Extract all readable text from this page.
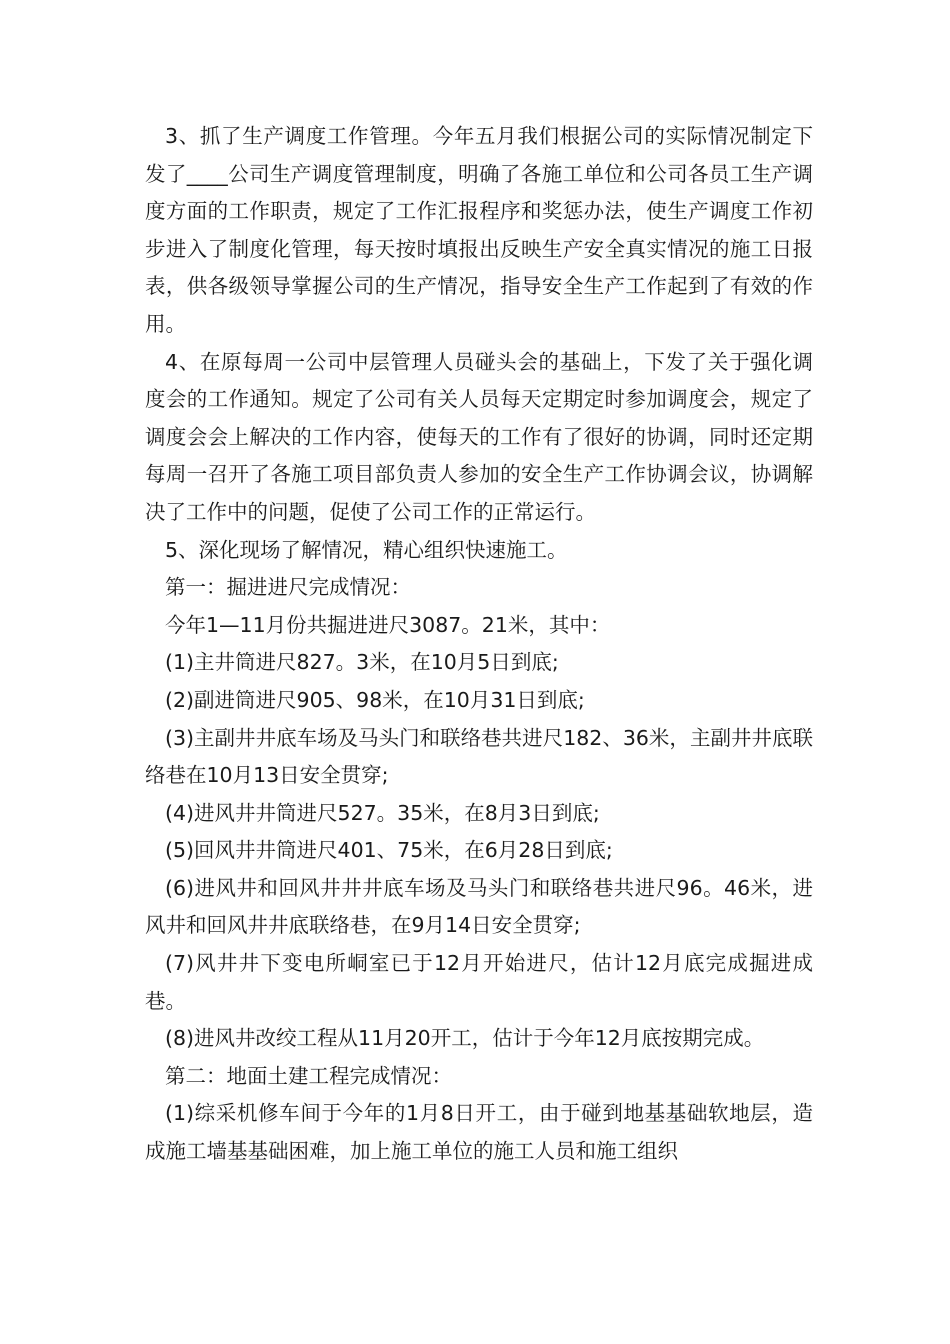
3、抓了生产调度工作管理。今年五月我们根据公司的实际情况制定下发了____公司生产调度管理制度，明确了各施工单位和公司各员工生产调度方面的工作职责，规定了工作汇报程序和奖惩办法，使生产调度工作初步进入了制度化管理，每天按时填报出反映生产安全真实情况的施工日报表，供各级领导掌握公司的生产情况，指导安全生产工作起到了有效的作用。

4、在原每周一公司中层管理人员碰头会的基础上，下发了关于强化调度会的工作通知。规定了公司有关人员每天定期定时参加调度会，规定了调度会会上解决的工作内容，使每天的工作有了很好的协调，同时还定期每周一召开了各施工项目部负责人参加的安全生产工作协调会议，协调解决了工作中的问题，促使了公司工作的正常运行。

5、深化现场了解情况，精心组织快速施工。

第一：掘进进尺完成情况：

今年1—11月份共掘进进尺3087。21米，其中：

(1)主井筒进尺827。3米，在10月5日到底;

(2)副进筒进尺905、98米，在10月31日到底;

(3)主副井井底车场及马头门和联络巷共进尺182、36米，主副井井底联络巷在10月13日安全贯穿;

(4)进风井井筒进尺527。35米，在8月3日到底;

(5)回风井井筒进尺401、75米，在6月28日到底;

(6)进风井和回风井井井底车场及马头门和联络巷共进尺96。46米，进风井和回风井井底联络巷，在9月14日安全贯穿;

(7)风井井下变电所峒室已于12月开始进尺，估计12月底完成掘进成巷。

(8)进风井改绞工程从11月20开工，估计于今年12月底按期完成。

第二：地面土建工程完成情况：

(1)综采机修车间于今年的1月8日开工，由于碰到地基基础软地层，造成施工墙基基础困难，加上施工单位的施工人员和施工组织
